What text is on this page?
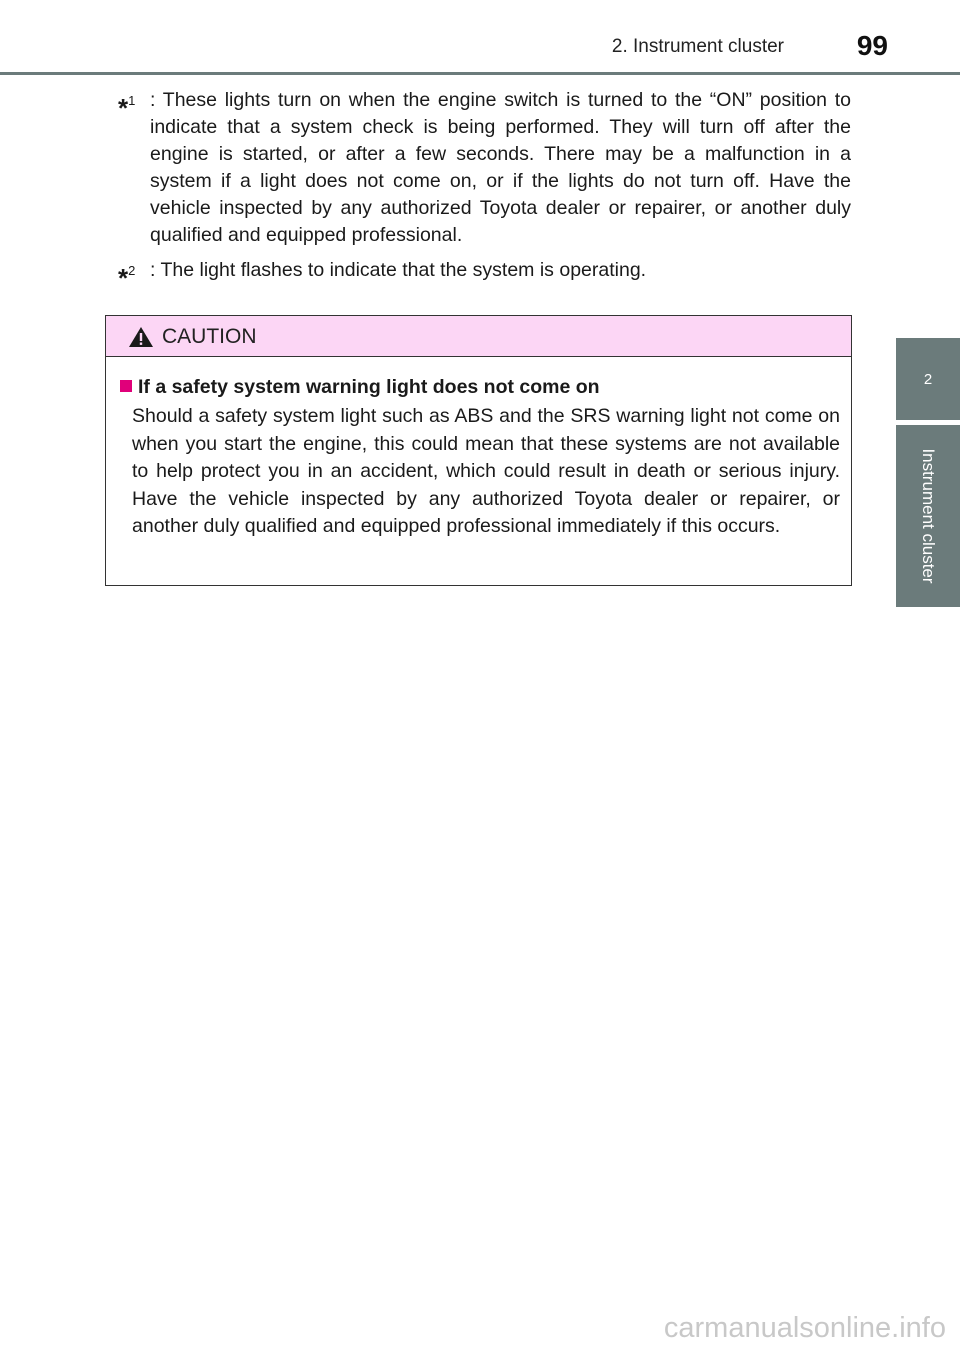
2. Instrument cluster	99
2
Instrument cluster
*$^1$ : These lights turn on when the engine switch is turned to the “ON” position to indicate that a system check is being performed. They will turn off after the engine is started, or after a few seconds. There may be a malfunction in a system if a light does not come on, or if the lights do not turn off. Have the vehicle inspected by any authorized Toyota dealer or repairer, or another duly qualified and equipped professional.
*$^2$ : The light flashes to indicate that the system is operating.
CAUTION
If a safety system warning light does not come on
Should a safety system light such as ABS and the SRS warning light not come on when you start the engine, this could mean that these systems are not available to help protect you in an accident, which could result in death or serious injury. Have the vehicle inspected by any authorized Toyota dealer or repairer, or another duly qualified and equipped professional immediately if this occurs.
carmanualsonline.info
